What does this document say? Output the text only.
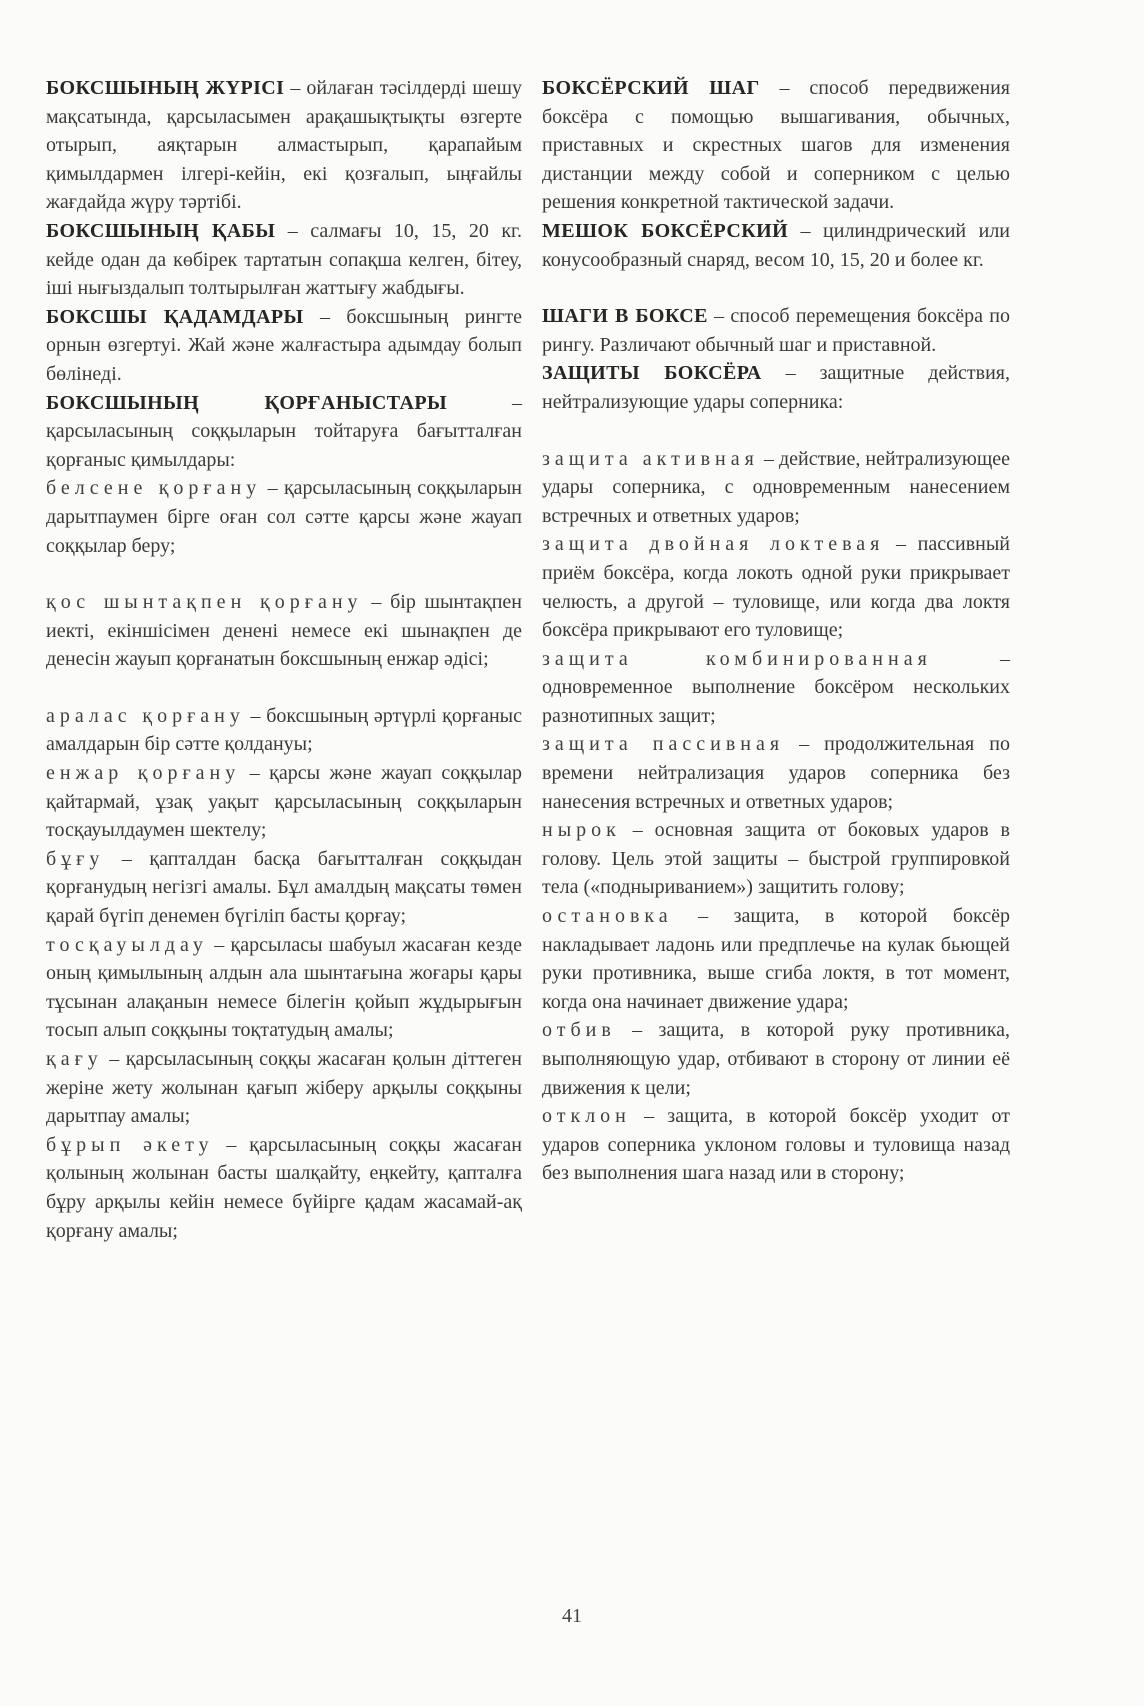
БОКСШЫНЫҢ ЖҮРІСІ – ойлаған тәсілдерді шешу мақсатында, қарсыласымен арақашықтықты өзгерте отырып, аяқтарын алмастырып, қарапайым қимылдармен ілгері-кейін, екі қозғалып, ыңғайлы жағдайда жүру тәртібі.

БОКСШЫНЫҢ ҚАБЫ – салмағы 10, 15, 20 кг. кейде одан да көбірек тартатын сопақша келген, бітеу, іші нығыздалып толтырылған жаттығу жабдығы.

БОКСШЫ ҚАДАМДАРЫ – боксшының рингте орнын өзгертуі. Жай және жалғастыра адымдау болып бөлінеді.

БОКСШЫНЫҢ ҚОРҒАНЫСТАРЫ – қарсыласының соққыларын тойтаруға бағытталған қорғаныс қимылдары:

белсене қорғану – қарсыласының соққыларын дарытпаумен бірге оған сол сәтте қарсы және жауап соққылар беру;

қос шынтақпен қорғану – бір шынтақпен иекті, екіншісімен денені немесе екі шынақпен де денесін жауып қорғанатын боксшының енжар әдісі;

аралас қорғану – боксшының әртүрлі қорғаныс амалдарын бір сәтте қолдануы;

енжар қорғану – қарсы және жауап соққылар қайтармай, ұзақ уақыт қарсыласының соққыларын тосқауылдаумен шектелу;

бұғу – қапталдан басқа бағытталған соққыдан қорғанудың негізгі амалы. Бұл амалдың мақсаты төмен қарай бүгіп денемен бүгіліп басты қорғау;

тосқауылдау – қарсыласы шабуыл жасаған кезде оның қимылының алдын ала шынтағына жоғары қары тұсынан алақанын немесе білегін қойып жұдырығын тосып алып соққыны тоқтатудың амалы;

қағу – қарсыласының соққы жасаған қолын діттеген жеріне жету жолынан қағып жіберу арқылы соққыны дарытпау амалы;

бұрып әкету – қарсыласының соққы жасаған қолының жолынан басты шалқайту, еңкейту, қапталға бұру арқылы кейін немесе бүйірге қадам жасамай-ақ қорғану амалы;

БОКСЁРСКИЙ ШАГ – способ передвижения боксёра с помощью вышагивания, обычных, приставных и скрестных шагов для изменения дистанции между собой и соперником с целью решения конкретной тактической задачи.

МЕШОК БОКСЁРСКИЙ – цилиндрический или конусообразный снаряд, весом 10, 15, 20 и более кг.

ШАГИ В БОКСЕ – способ перемещения боксёра по рингу. Различают обычный шаг и приставной.

ЗАЩИТЫ БОКСЁРА – защитные действия, нейтрализующие удары соперника:

защита активная – действие, нейтрализующее удары соперника, с одновременным нанесением встречных и ответных ударов;

защита двойная локтевая – пассивный приём боксёра, когда локоть одной руки прикрывает челюсть, а другой – туловище, или когда два локтя боксёра прикрывают его туловище;

защита комбинированная – одновременное выполнение боксёром нескольких разнотипных защит;

защита пассивная – продолжительная по времени нейтрализация ударов соперника без нанесения встречных и ответных ударов;

нырок – основная защита от боковых ударов в голову. Цель этой защиты – быстрой группировкой тела («подныриванием») защитить голову;

остановка – защита, в которой боксёр накладывает ладонь или предплечье на кулак бьющей руки противника, выше сгиба локтя, в тот момент, когда она начинает движение удара;

отбив – защита, в которой руку противника, выполняющую удар, отбивают в сторону от линии её движения к цели;

отклон – защита, в которой боксёр уходит от ударов соперника уклоном головы и туловища назад без выполнения шага назад или в сторону;

41
